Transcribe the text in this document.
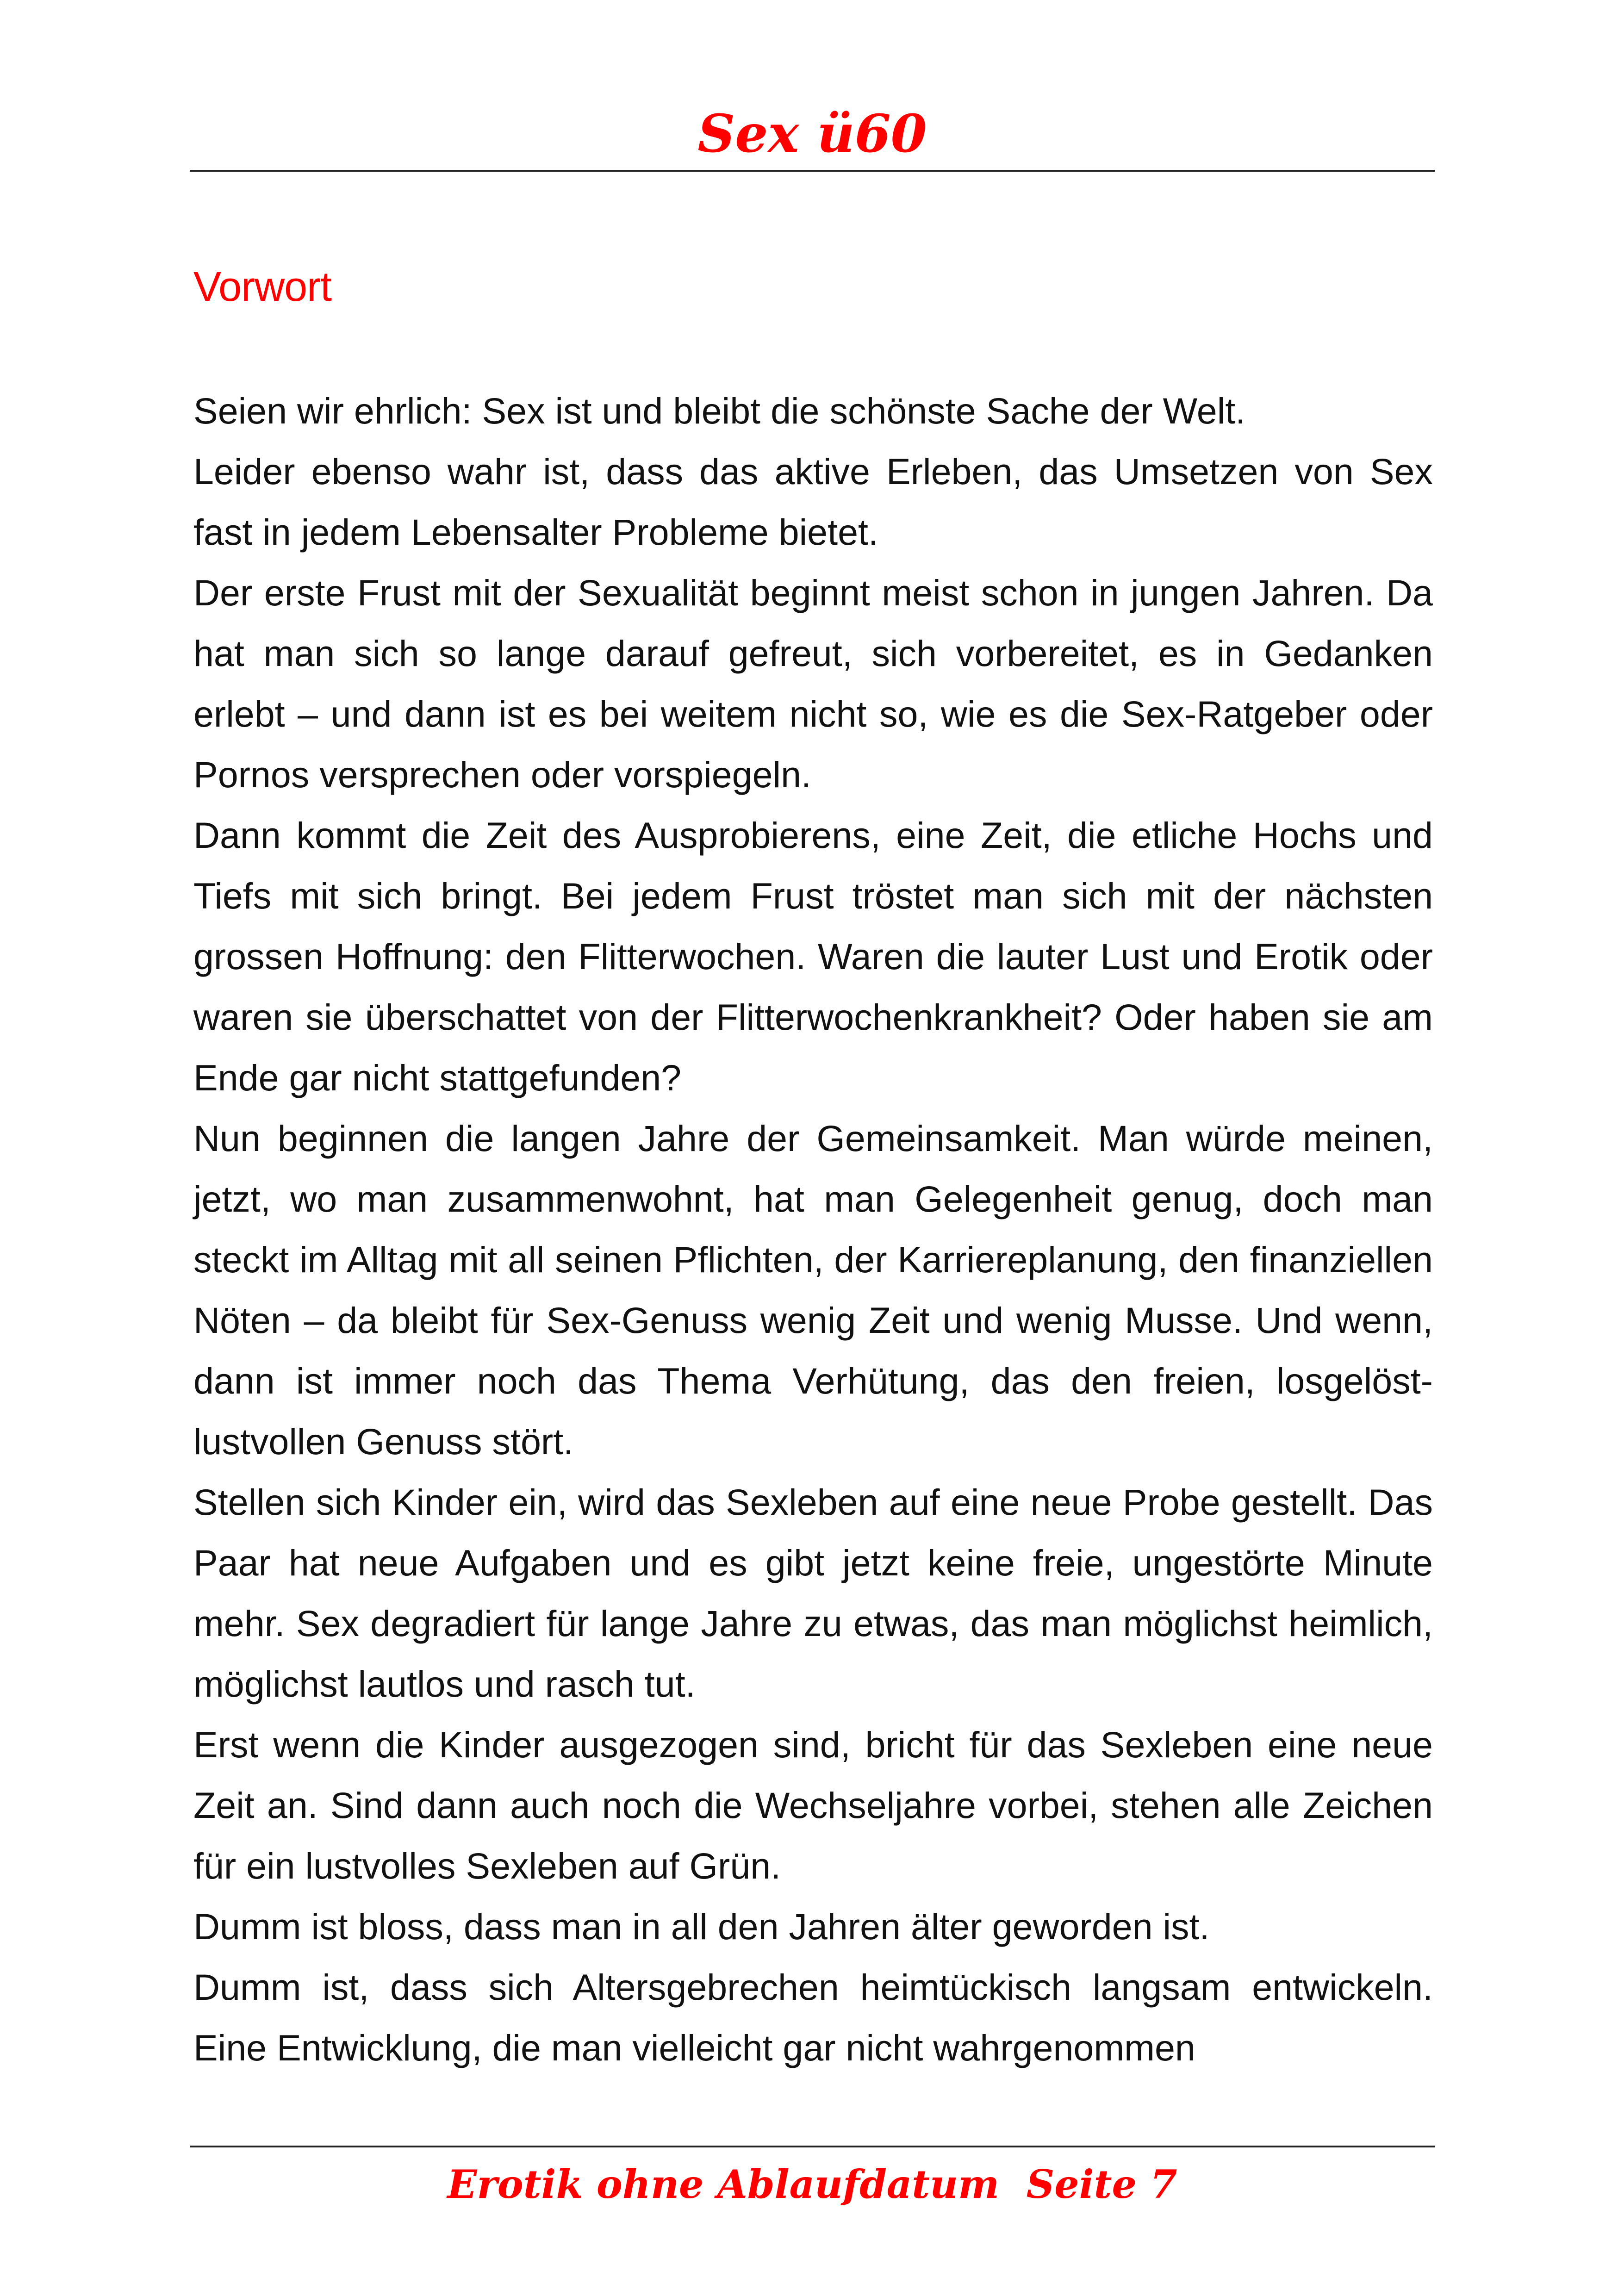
Sex ü60
Vorwort

Seien wir ehrlich: Sex ist und bleibt die schönste Sache der Welt.

Leider ebenso wahr ist, dass das aktive Erleben, das Umsetzen von Sex fast in jedem Lebensalter Probleme bietet.

Der erste Frust mit der Sexualität beginnt meist schon in jungen Jahren. Da hat man sich so lange darauf gefreut, sich vorbereitet, es in Gedanken erlebt – und dann ist es bei weitem nicht so, wie es die Sex-Ratgeber oder Pornos versprechen oder vorspiegeln.

Dann kommt die Zeit des Ausprobierens, eine Zeit, die etliche Hochs und Tiefs mit sich bringt. Bei jedem Frust tröstet man sich mit der nächsten grossen Hoffnung: den Flitterwochen. Waren die lauter Lust und Erotik oder waren sie überschattet von der Flitterwochenkrankheit? Oder haben sie am Ende gar nicht stattgefunden?

Nun beginnen die langen Jahre der Gemeinsamkeit. Man würde meinen, jetzt, wo man zusammenwohnt, hat man Gelegenheit genug, doch man steckt im Alltag mit all seinen Pflichten, der Karriereplanung, den finanziellen Nöten – da bleibt für Sex-Genuss wenig Zeit und wenig Musse. Und wenn, dann ist immer noch das Thema Verhütung, das den freien, losgelöst-lustvollen Genuss stört.

Stellen sich Kinder ein, wird das Sexleben auf eine neue Probe gestellt. Das Paar hat neue Aufgaben und es gibt jetzt keine freie, ungestörte Minute mehr. Sex degradiert für lange Jahre zu etwas, das man möglichst heimlich, möglichst lautlos und rasch tut.

Erst wenn die Kinder ausgezogen sind, bricht für das Sexleben eine neue Zeit an. Sind dann auch noch die Wechseljahre vorbei, stehen alle Zeichen für ein lustvolles Sexleben auf Grün.

Dumm ist bloss, dass man in all den Jahren älter geworden ist.

Dumm ist, dass sich Altersgebrechen heimtückisch langsam entwickeln. Eine Entwicklung, die man vielleicht gar nicht wahrgenommen

Erotik ohne Ablaufdatum Seite 7
